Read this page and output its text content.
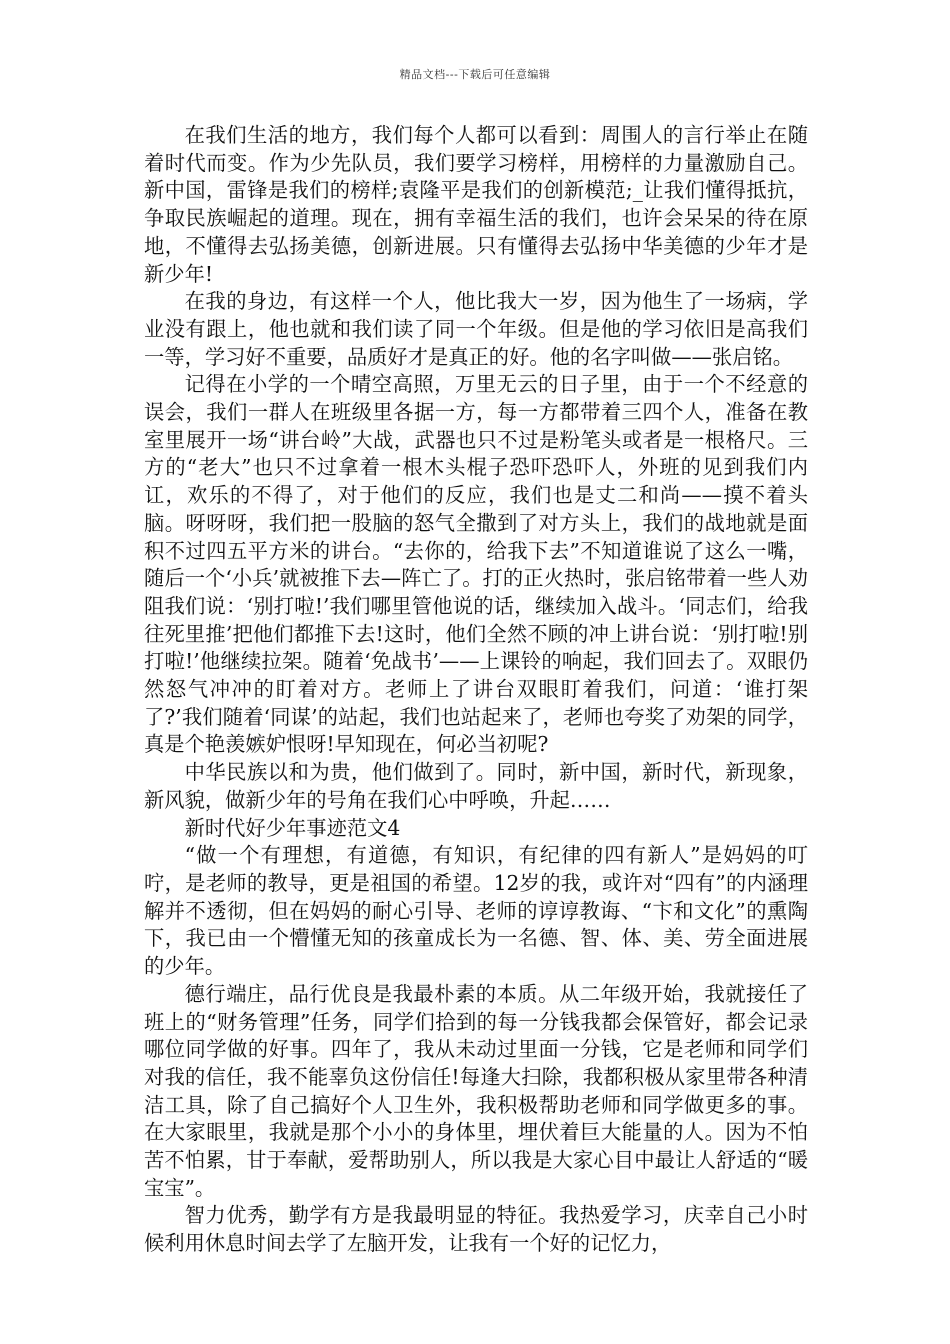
精品文档---下载后可任意编辑

在我们生活的地方，我们每个人都可以看到：周围人的言行举止在随着时代而变。作为少先队员，我们要学习榜样，用榜样的力量激励自己。新中国，雷锋是我们的榜样;袁隆平是我们的创新模范;_让我们懂得抵抗，争取民族崛起的道理。现在，拥有幸福生活的我们，也许会呆呆的待在原地，不懂得去弘扬美德，创新进展。只有懂得去弘扬中华美德的少年才是新少年!

在我的身边，有这样一个人，他比我大一岁，因为他生了一场病，学业没有跟上，他也就和我们读了同一个年级。但是他的学习依旧是高我们一等，学习好不重要，品质好才是真正的好。他的名字叫做——张启铭。

记得在小学的一个晴空高照，万里无云的日子里，由于一个不经意的误会，我们一群人在班级里各据一方，每一方都带着三四个人，准备在教室里展开一场“讲台岭”大战，武器也只不过是粉笔头或者是一根格尺。三方的“老大”也只不过拿着一根木头棍子恐吓恐吓人，外班的见到我们内讧，欢乐的不得了，对于他们的反应，我们也是丈二和尚——摸不着头脑。呀呀呀，我们把一股脑的怒气全撒到了对方头上，我们的战地就是面积不过四五平方米的讲台。“去你的，给我下去”不知道谁说了这么一嘴，随后一个‘小兵’就被推下去—阵亡了。打的正火热时，张启铭带着一些人劝阻我们说：‘别打啦!’我们哪里管他说的话，继续加入战斗。‘同志们，给我往死里推’把他们都推下去!这时，他们全然不顾的冲上讲台说：‘别打啦!别打啦!’他继续拉架。随着‘免战书’——上课铃的响起，我们回去了。双眼仍然怒气冲冲的盯着对方。老师上了讲台双眼盯着我们，问道：‘谁打架了?’我们随着‘同谋’的站起，我们也站起来了，老师也夸奖了劝架的同学，真是个艳羡嫉妒恨呀!早知现在，何必当初呢?

中华民族以和为贵，他们做到了。同时，新中国，新时代，新现象，新风貌，做新少年的号角在我们心中呼唤，升起……

新时代好少年事迹范文4

“做一个有理想，有道德，有知识，有纪律的四有新人”是妈妈的叮咛，是老师的教导，更是祖国的希望。12岁的我，或许对“四有”的内涵理解并不透彻，但在妈妈的耐心引导、老师的谆谆教诲、“卞和文化”的熏陶下，我已由一个懵懂无知的孩童成长为一名德、智、体、美、劳全面进展的少年。

德行端庄，品行优良是我最朴素的本质。从二年级开始，我就接任了班上的“财务管理”任务，同学们拾到的每一分钱我都会保管好，都会记录哪位同学做的好事。四年了，我从未动过里面一分钱，它是老师和同学们对我的信任，我不能辜负这份信任!每逢大扫除，我都积极从家里带各种清洁工具，除了自己搞好个人卫生外，我积极帮助老师和同学做更多的事。在大家眼里，我就是那个小小的身体里，埋伏着巨大能量的人。因为不怕苦不怕累，甘于奉献，爱帮助别人，所以我是大家心目中最让人舒适的“暖宝宝”。

智力优秀，勤学有方是我最明显的特征。我热爱学习，庆幸自己小时候利用休息时间去学了左脑开发，让我有一个好的记忆力，
